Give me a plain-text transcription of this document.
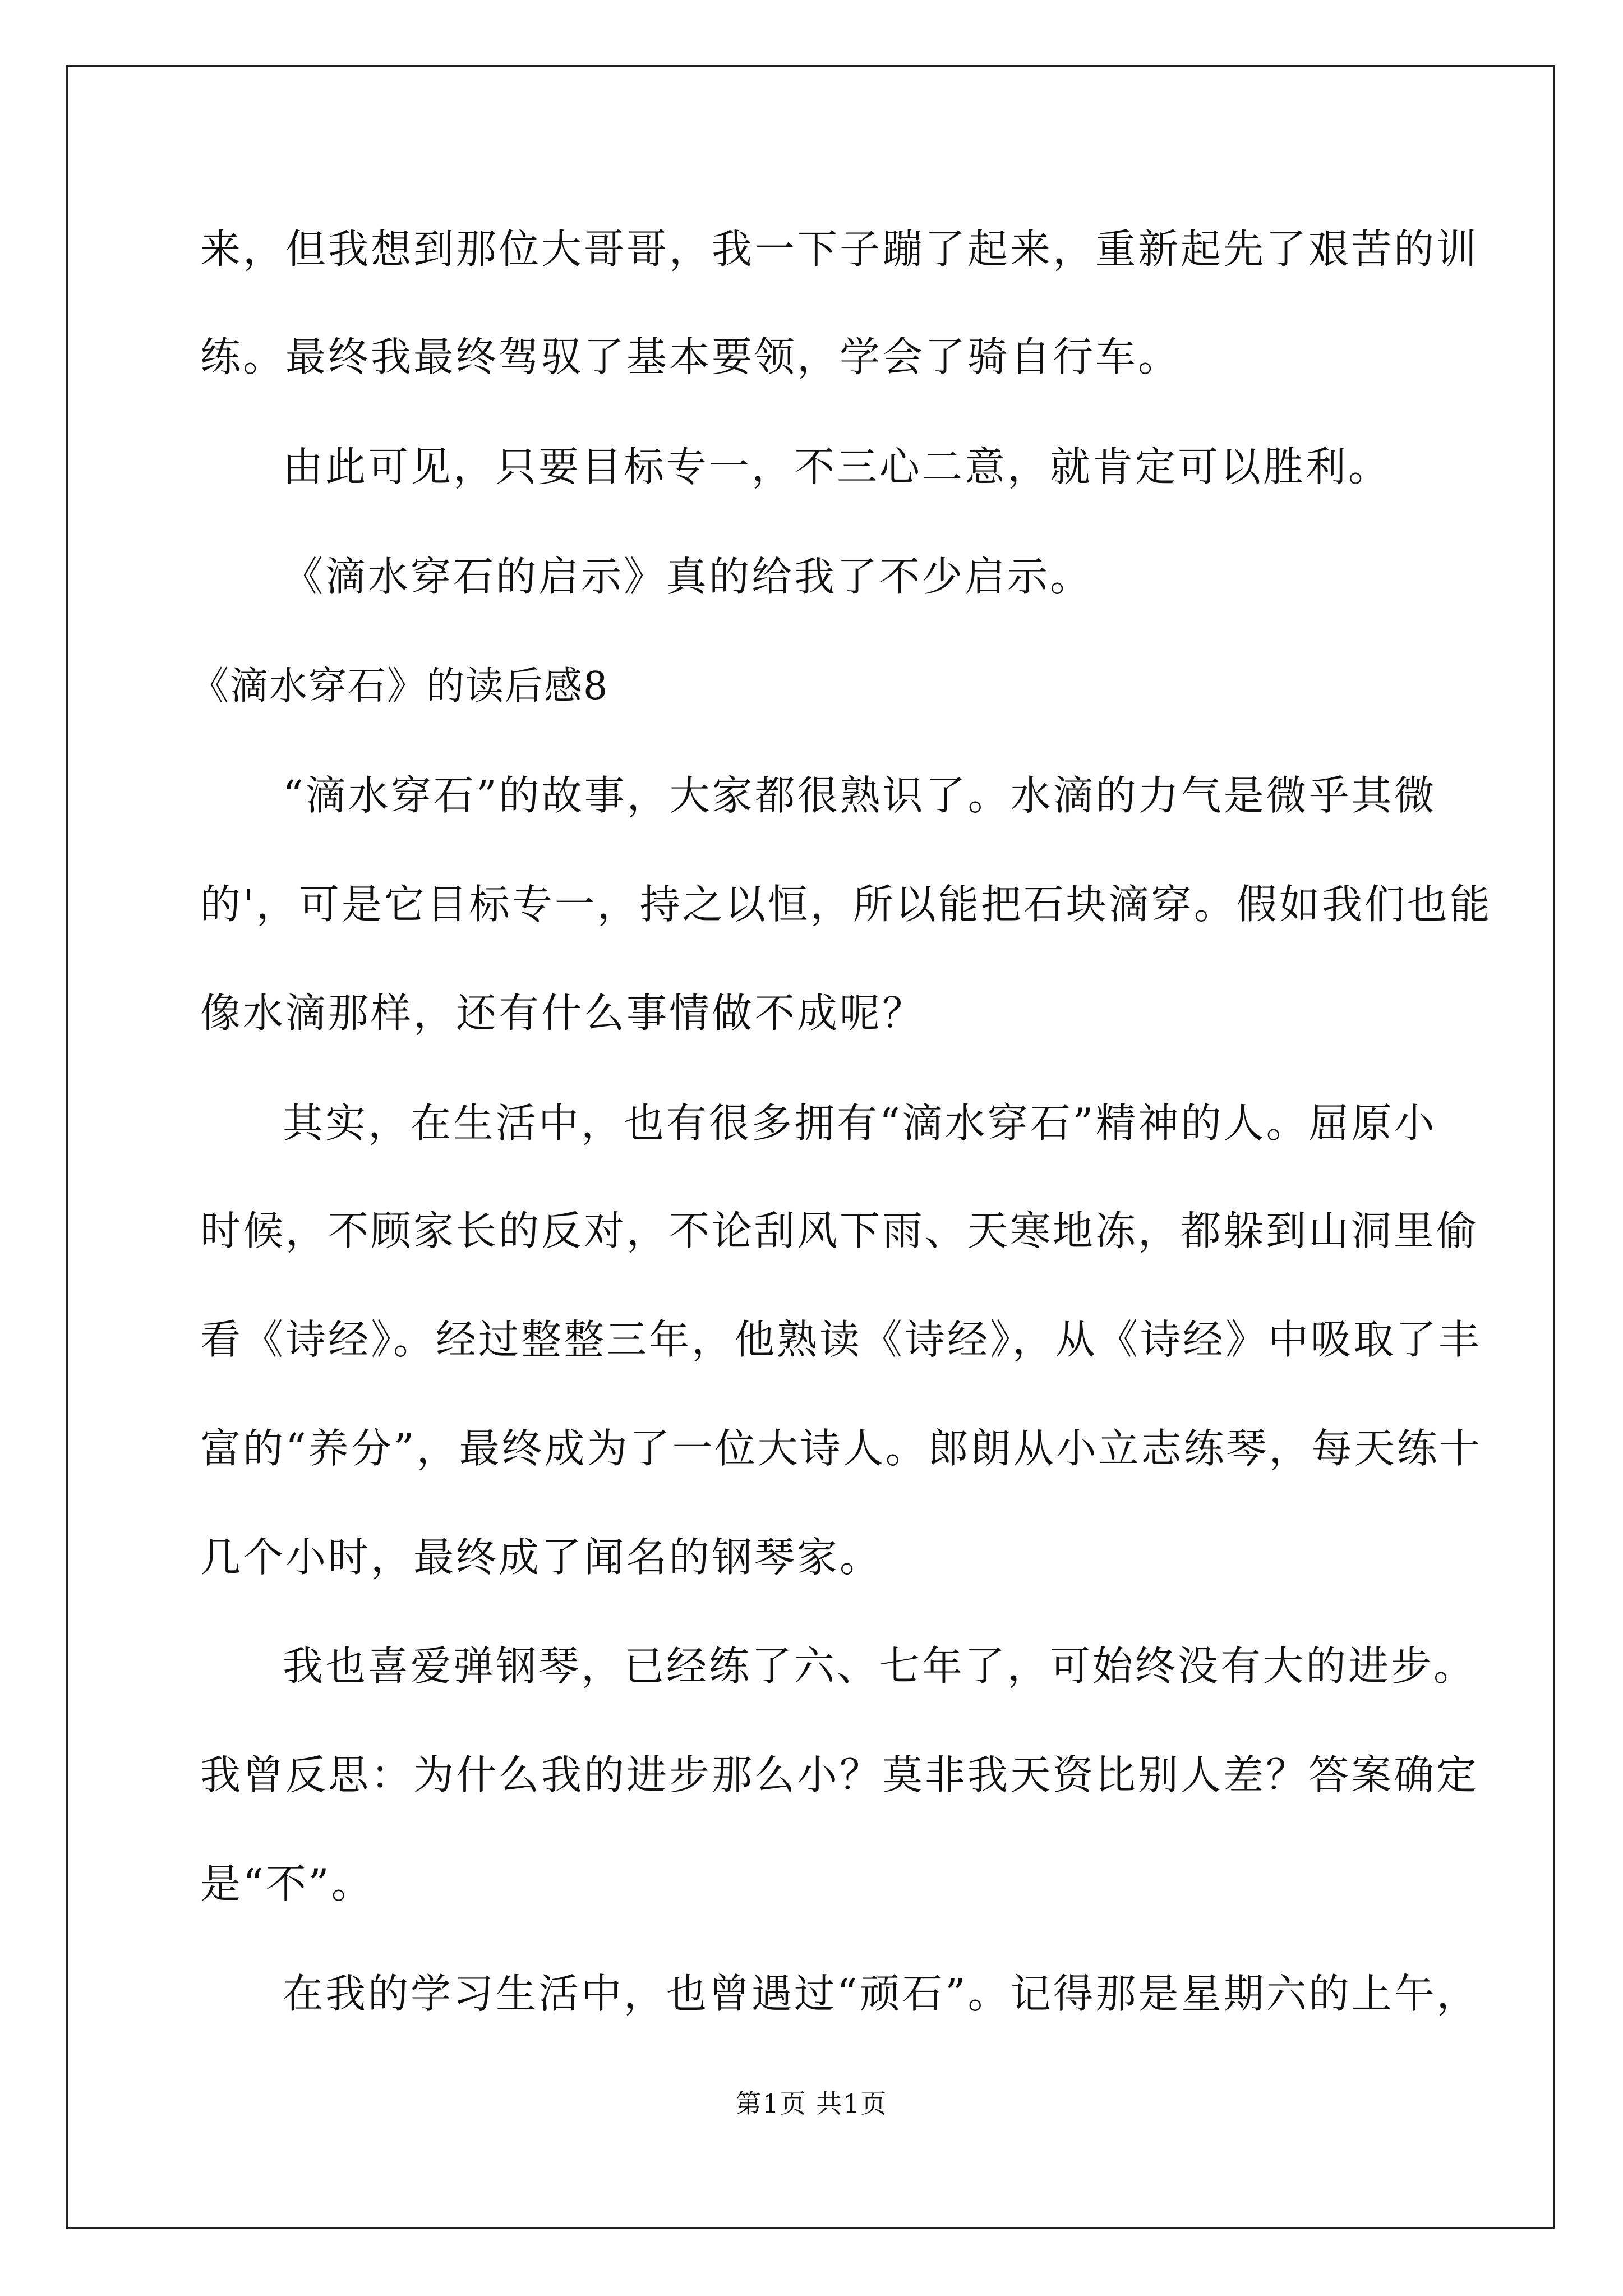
来，但我想到那位大哥哥，我一下子蹦了起来，重新起先了艰苦的训

练。最终我最终驾驭了基本要领，学会了骑自行车。

由此可见，只要目标专一，不三心二意，就肯定可以胜利。

《滴水穿石的启示》真的给我了不少启示。

《滴水穿石》的读后感8

“滴水穿石”的故事，大家都很熟识了。水滴的力气是微乎其微

的'，可是它目标专一，持之以恒，所以能把石块滴穿。假如我们也能

像水滴那样，还有什么事情做不成呢？

其实，在生活中，也有很多拥有“滴水穿石”精神的人。屈原小

时候，不顾家长的反对，不论刮风下雨、天寒地冻，都躲到山洞里偷

看《诗经》。经过整整三年，他熟读《诗经》，从《诗经》中吸取了丰

富的“养分”，最终成为了一位大诗人。郎朗从小立志练琴，每天练十

几个小时，最终成了闻名的钢琴家。

我也喜爱弹钢琴，已经练了六、七年了，可始终没有大的进步。

我曾反思：为什么我的进步那么小？莫非我天资比别人差？答案确定

是“不”。

在我的学习生活中，也曾遇过“顽石”。记得那是星期六的上午，

第1页 共1页
